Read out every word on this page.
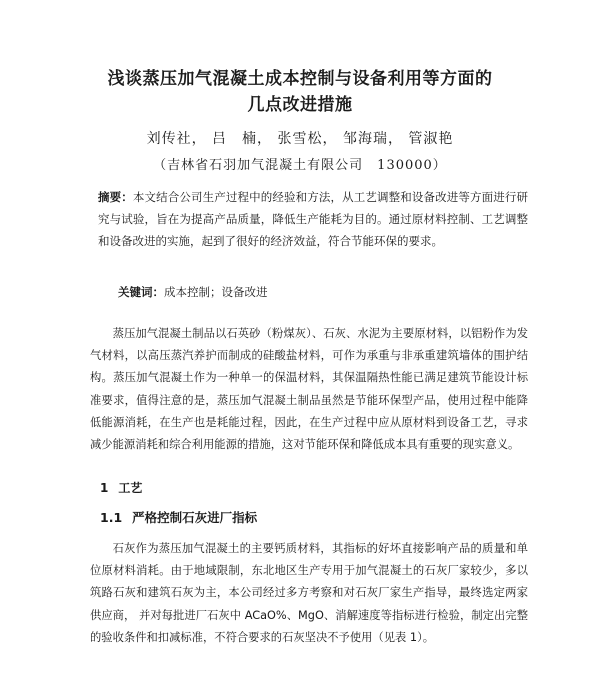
浅谈蒸压加气混凝土成本控制与设备利用等方面的
几点改进措施
刘传社， 吕　楠， 张雪松， 邹海瑞， 管淑艳
（吉林省石羽加气混凝土有限公司　130000）
摘要：本文结合公司生产过程中的经验和方法，从工艺调整和设备改进等方面进行研究与试验，旨在为提高产品质量，降低生产能耗为目的。通过原材料控制、工艺调整和设备改进的实施，起到了很好的经济效益，符合节能环保的要求。
关键词：成本控制；设备改进
蒸压加气混凝土制品以石英砂（粉煤灰）、石灰、水泥为主要原材料，以铝粉作为发气材料，以高压蒸汽养护而制成的硅酸盐材料，可作为承重与非承重建筑墙体的围护结构。蒸压加气混凝土作为一种单一的保温材料，其保温隔热性能已满足建筑节能设计标准要求，值得注意的是，蒸压加气混凝土制品虽然是节能环保型产品，使用过程中能降低能源消耗，在生产也是耗能过程，因此，在生产过程中应从原材料到设备工艺，寻求减少能源消耗和综合利用能源的措施，这对节能环保和降低成本具有重要的现实意义。
1 工艺
1.1 严格控制石灰进厂指标
石灰作为蒸压加气混凝土的主要钙质材料，其指标的好坏直接影响产品的质量和单位原材料消耗。由于地域限制，东北地区生产专用于加气混凝土的石灰厂家较少，多以筑路石灰和建筑石灰为主，本公司经过多方考察和对石灰厂家生产指导，最终选定两家供应商， 并对每批进厂石灰中 ACaO%、MgO、消解速度等指标进行检验，制定出完整的验收条件和扣减标准，不符合要求的石灰坚决不予使用（见表 1）。
